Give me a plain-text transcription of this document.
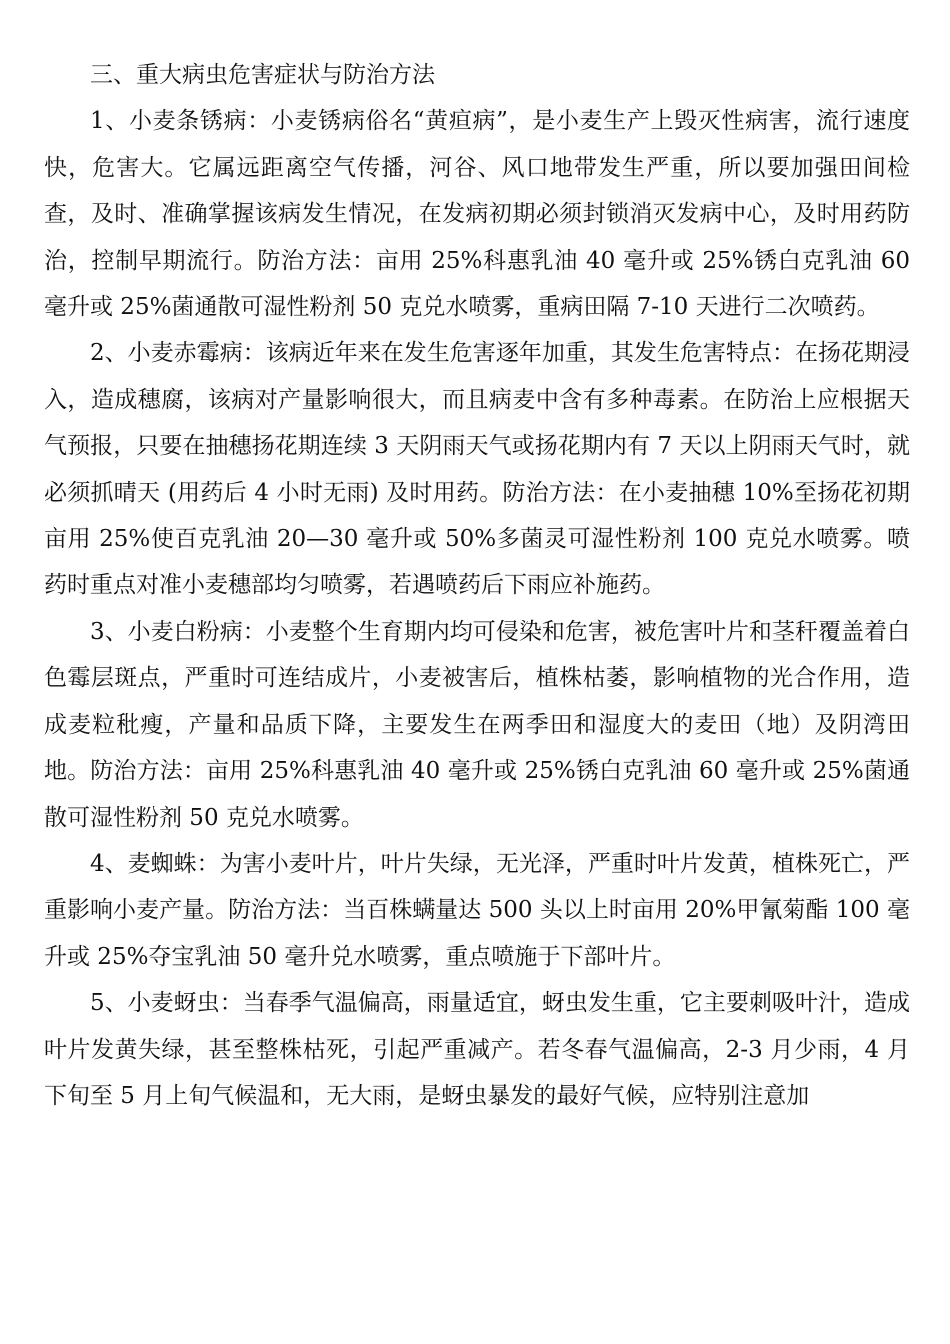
三、重大病虫危害症状与防治方法

1、小麦条锈病：小麦锈病俗名“黄疸病”，是小麦生产上毁灭性病害，流行速度快，危害大。它属远距离空气传播，河谷、风口地带发生严重，所以要加强田间检查，及时、准确掌握该病发生情况，在发病初期必须封锁消灭发病中心，及时用药防治，控制早期流行。防治方法：亩用 25%科惠乳油 40 毫升或 25%锈白克乳油 60 毫升或 25%菌通散可湿性粉剂 50 克兑水喷雾，重病田隔 7-10 天进行二次喷药。

2、小麦赤霉病：该病近年来在发生危害逐年加重，其发生危害特点：在扬花期浸入，造成穗腐，该病对产量影响很大，而且病麦中含有多种毒素。在防治上应根据天气预报，只要在抽穗扬花期连续 3 天阴雨天气或扬花期内有 7 天以上阴雨天气时，就必须抓晴天 (用药后 4 小时无雨) 及时用药。防治方法：在小麦抽穗 10%至扬花初期亩用 25%使百克乳油 20—30 毫升或 50%多菌灵可湿性粉剂 100 克兑水喷雾。喷药时重点对准小麦穗部均匀喷雾，若遇喷药后下雨应补施药。

3、小麦白粉病：小麦整个生育期内均可侵染和危害，被危害叶片和茎秆覆盖着白色霉层斑点，严重时可连结成片，小麦被害后，植株枯萎，影响植物的光合作用，造成麦粒秕瘦，产量和品质下降，主要发生在两季田和湿度大的麦田（地）及阴湾田地。防治方法：亩用 25%科惠乳油 40 毫升或 25%锈白克乳油 60 毫升或 25%菌通散可湿性粉剂 50 克兑水喷雾。

4、麦蜘蛛：为害小麦叶片，叶片失绿，无光泽，严重时叶片发黄，植株死亡，严重影响小麦产量。防治方法：当百株螨量达 500 头以上时亩用 20%甲氰菊酯 100 毫升或 25%夺宝乳油 50 毫升兑水喷雾，重点喷施于下部叶片。

5、小麦蚜虫：当春季气温偏高，雨量适宜，蚜虫发生重，它主要刺吸叶汁，造成叶片发黄失绿，甚至整株枯死，引起严重减产。若冬春气温偏高，2-3 月少雨，4 月下旬至 5 月上旬气候温和，无大雨，是蚜虫暴发的最好气候，应特别注意加
